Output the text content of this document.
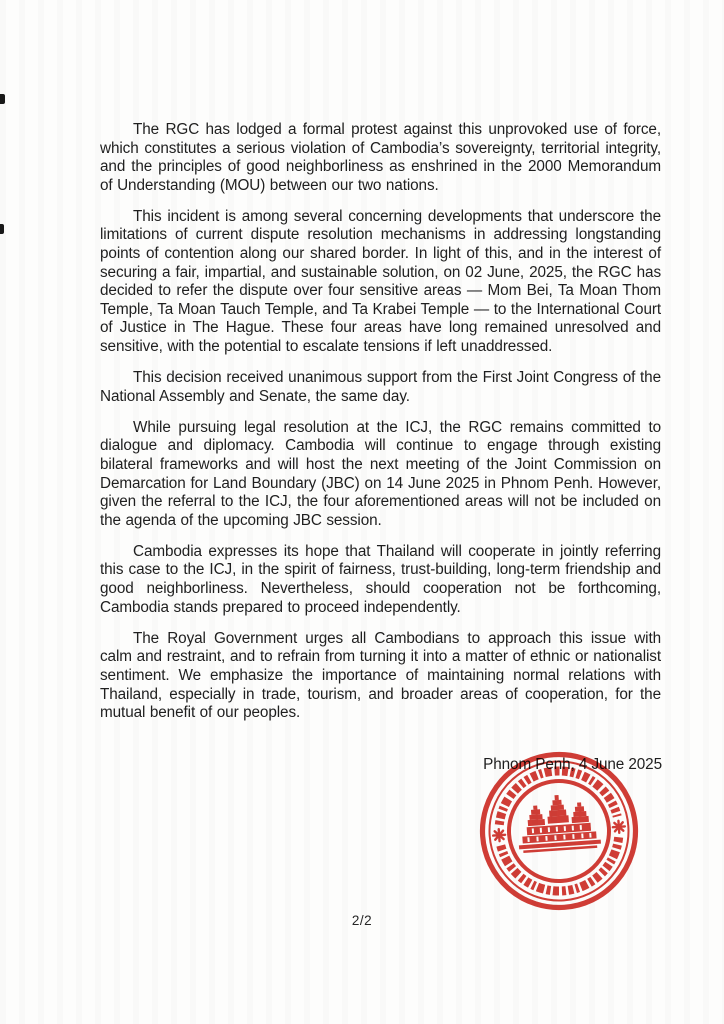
The RGC has lodged a formal protest against this unprovoked use of force, which constitutes a serious violation of Cambodia’s sovereignty, territorial integrity, and the principles of good neighborliness as enshrined in the 2000 Memorandum of Understanding (MOU) between our two nations.

This incident is among several concerning developments that underscore the limitations of current dispute resolution mechanisms in addressing longstanding points of contention along our shared border. In light of this, and in the interest of securing a fair, impartial, and sustainable solution, on 02 June, 2025, the RGC has decided to refer the dispute over four sensitive areas — Mom Bei, Ta Moan Thom Temple, Ta Moan Tauch Temple, and Ta Krabei Temple — to the International Court of Justice in The Hague. These four areas have long remained unresolved and sensitive, with the potential to escalate tensions if left unaddressed.

This decision received unanimous support from the First Joint Congress of the National Assembly and Senate, the same day.

While pursuing legal resolution at the ICJ, the RGC remains committed to dialogue and diplomacy. Cambodia will continue to engage through existing bilateral frameworks and will host the next meeting of the Joint Commission on Demarcation for Land Boundary (JBC) on 14 June 2025 in Phnom Penh. However, given the referral to the ICJ, the four aforementioned areas will not be included on the agenda of the upcoming JBC session.

Cambodia expresses its hope that Thailand will cooperate in jointly referring this case to the ICJ, in the spirit of fairness, trust-building, long-term friendship and good neighborliness. Nevertheless, should cooperation not be forthcoming, Cambodia stands prepared to proceed independently.

The Royal Government urges all Cambodians to approach this issue with calm and restraint, and to refrain from turning it into a matter of ethnic or nationalist sentiment. We emphasize the importance of maintaining normal relations with Thailand, especially in trade, tourism, and broader areas of cooperation, for the mutual benefit of our peoples.

Phnom Penh, 4 June 2025
2/2
